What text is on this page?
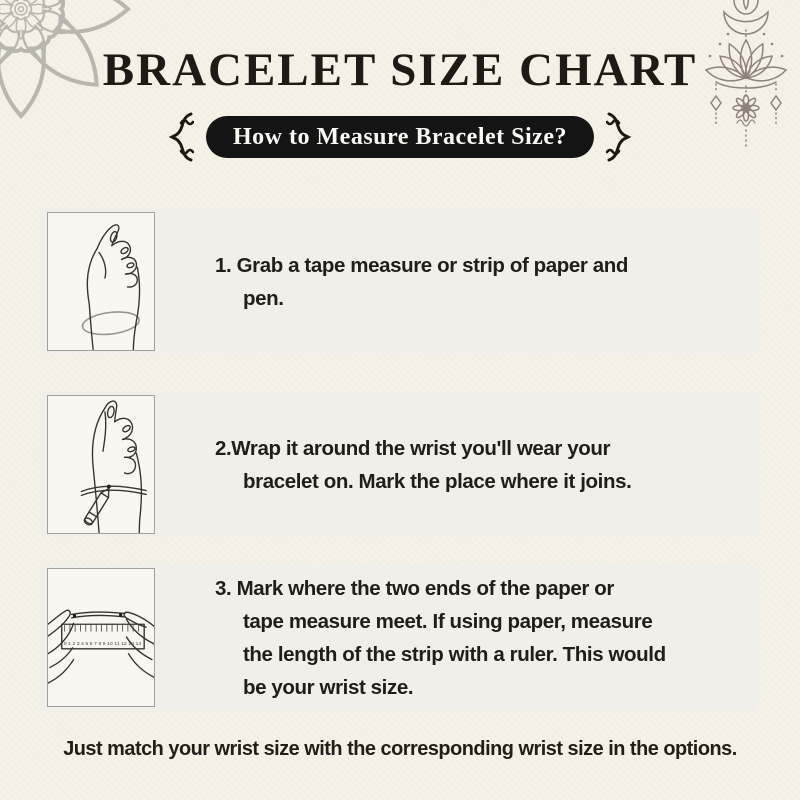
BRACELET SIZE CHART
How to Measure Bracelet Size?
1. Grab a tape measure or strip of paper and
pen.
2.Wrap it around the wrist you'll wear your
bracelet on. Mark the place where it joins.
0 1 2 3 4 5 6 7 8 9 10 11 12 13 14
3. Mark where the two ends of the paper or
tape measure meet. If using paper, measure
the length of the strip with a ruler. This would
be your wrist size.
Just match your wrist size with the corresponding wrist size in the options.
